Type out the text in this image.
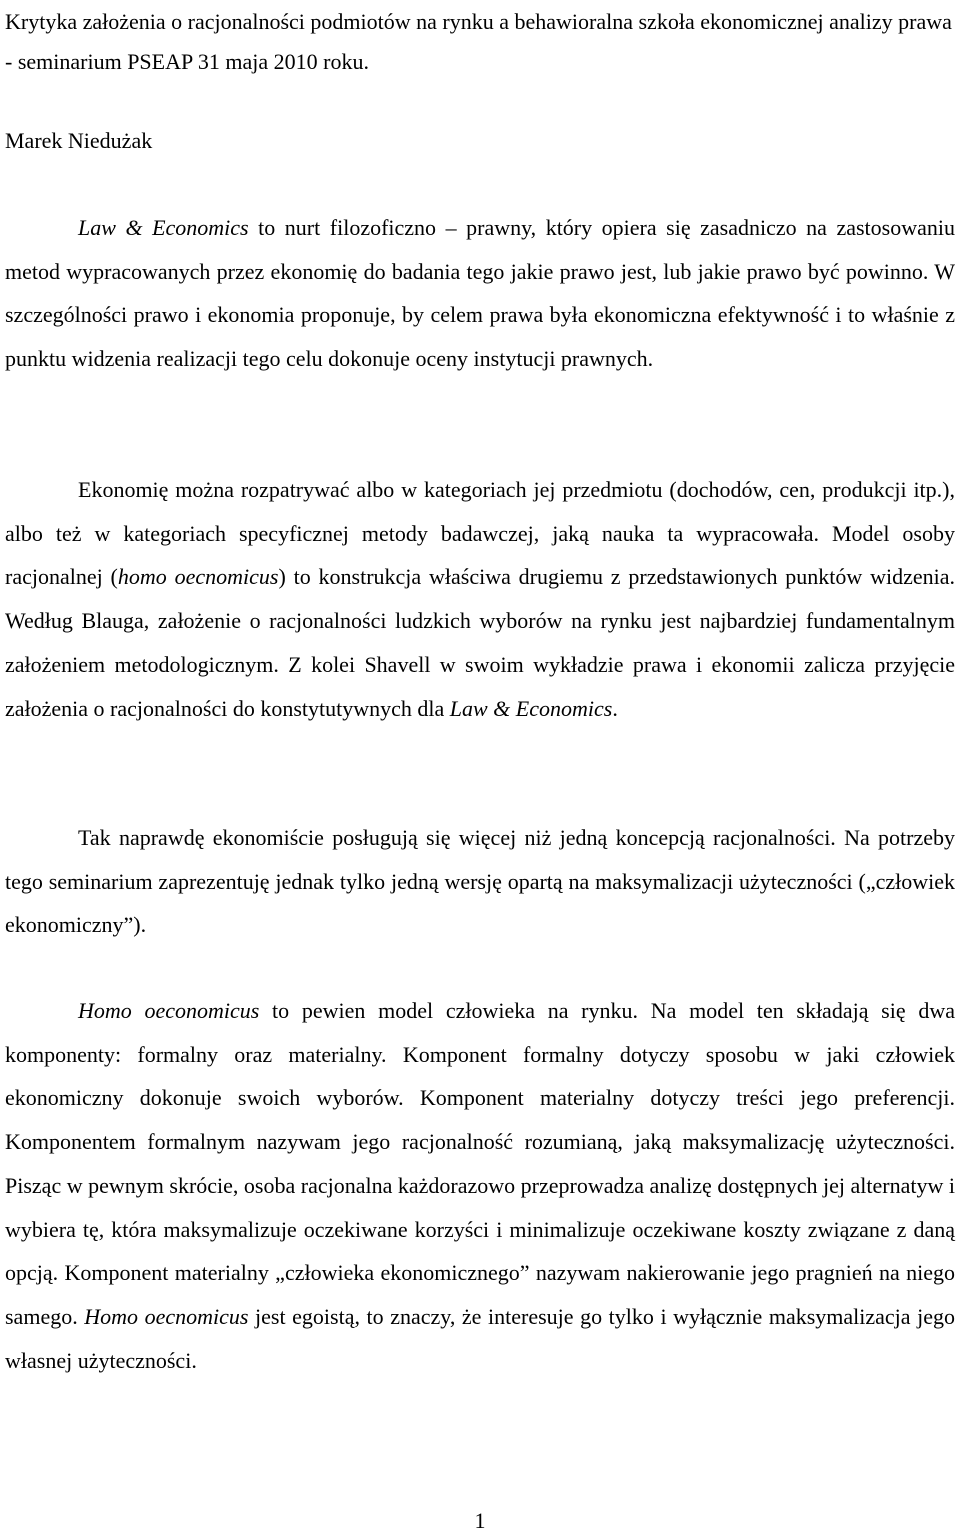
Krytyka założenia o racjonalności podmiotów na rynku a behawioralna szkoła ekonomicznej analizy prawa - seminarium PSEAP 31 maja 2010 roku.
Marek Niedużak

Law & Economics to nurt filozoficzno – prawny, który opiera się zasadniczo na zastosowaniu metod wypracowanych przez ekonomię do badania tego jakie prawo jest, lub jakie prawo być powinno. W szczególności prawo i ekonomia proponuje, by celem prawa była ekonomiczna efektywność i to właśnie z punktu widzenia realizacji tego celu dokonuje oceny instytucji prawnych.

Ekonomię można rozpatrywać albo w kategoriach jej przedmiotu (dochodów, cen, produkcji itp.), albo też w kategoriach specyficznej metody badawczej, jaką nauka ta wypracowała. Model osoby racjonalnej (homo oecnomicus) to konstrukcja właściwa drugiemu z przedstawionych punktów widzenia. Według Blauga, założenie o racjonalności ludzkich wyborów na rynku jest najbardziej fundamentalnym założeniem metodologicznym. Z kolei Shavell w swoim wykładzie prawa i ekonomii zalicza przyjęcie założenia o racjonalności do konstytutywnych dla Law & Economics.

Tak naprawdę ekonomiście posługują się więcej niż jedną koncepcją racjonalności. Na potrzeby tego seminarium zaprezentuję jednak tylko jedną wersję opartą na maksymalizacji użyteczności („człowiek ekonomiczny”).

Homo oeconomicus to pewien model człowieka na rynku. Na model ten składają się dwa komponenty: formalny oraz materialny. Komponent formalny dotyczy sposobu w jaki człowiek ekonomiczny dokonuje swoich wyborów. Komponent materialny dotyczy treści jego preferencji. Komponentem formalnym nazywam jego racjonalność rozumianą, jaką maksymalizację użyteczności. Pisząc w pewnym skrócie, osoba racjonalna każdorazowo przeprowadza analizę dostępnych jej alternatyw i wybiera tę, która maksymalizuje oczekiwane korzyści i minimalizuje oczekiwane koszty związane z daną opcją. Komponent materialny „człowieka ekonomicznego” nazywam nakierowanie jego pragnień na niego samego. Homo oecnomicus jest egoistą, to znaczy, że interesuje go tylko i wyłącznie maksymalizacja jego własnej użyteczności.

1
